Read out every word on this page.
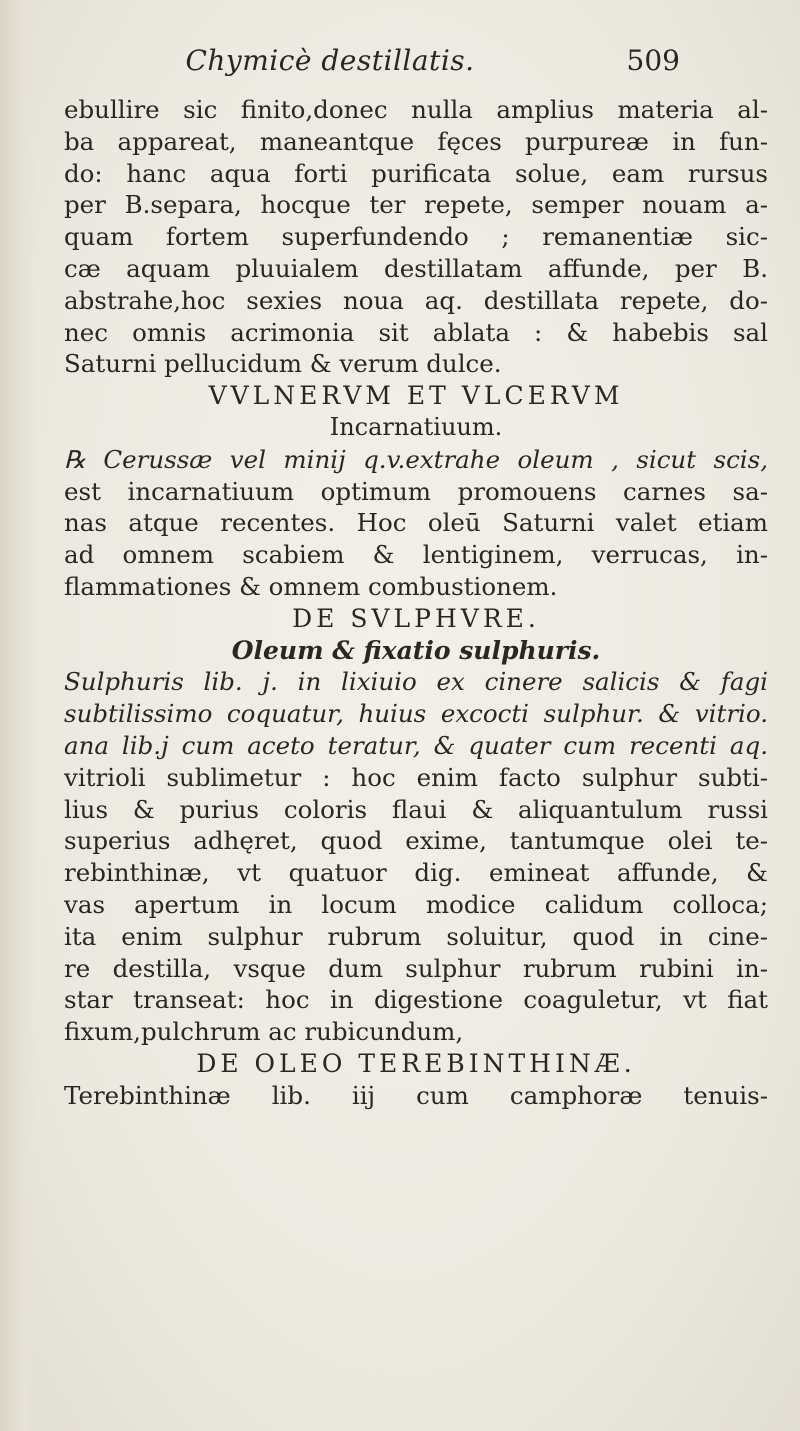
Chymicè destillatis.	509
ebullire sic finito,donec nulla amplius materia al-
ba appareat, maneantque fęces purpureæ in fun-
do: hanc aqua forti purificata solue, eam rursus
per B.separa, hocque ter repete, semper nouam a-
quam fortem superfundendo ; remanentiæ sic-
cæ aquam pluuialem destillatam affunde, per B.
abstrahe,hoc sexies noua aq. destillata repete, do-
nec omnis acrimonia sit ablata : & habebis sal
Saturni pellucidum & verum dulce.
VVLNERVM ET VLCERVM
Incarnatiuum.
℞ Cerussæ vel minij q.v.extrahe oleum , sicut scis,
est incarnatiuum optimum promouens carnes sa-
nas atque recentes. Hoc oleū Saturni valet etiam
ad omnem scabiem & lentiginem, verrucas, in-
flammationes & omnem combustionem.
DE SVLPHVRE.
Oleum & fixatio sulphuris.
Sulphuris lib. j. in lixiuio ex cinere salicis & fagi
subtilissimo coquatur, huius excocti sulphur. & vitrio.
ana lib.j cum aceto teratur, & quater cum recenti aq.
vitrioli sublimetur : hoc enim facto sulphur subti-
lius & purius coloris flaui & aliquantulum russi
superius adhęret, quod exime, tantumque olei te-
rebinthinæ, vt quatuor dig. emineat affunde, &
vas apertum in locum modice calidum colloca;
ita enim sulphur rubrum soluitur, quod in cine-
re destilla, vsque dum sulphur rubrum rubini in-
star transeat: hoc in digestione coaguletur, vt fiat
fixum,pulchrum ac rubicundum,
DE OLEO TEREBINTHINÆ.
Terebinthinæ lib. iij cum camphoræ tenuis-
